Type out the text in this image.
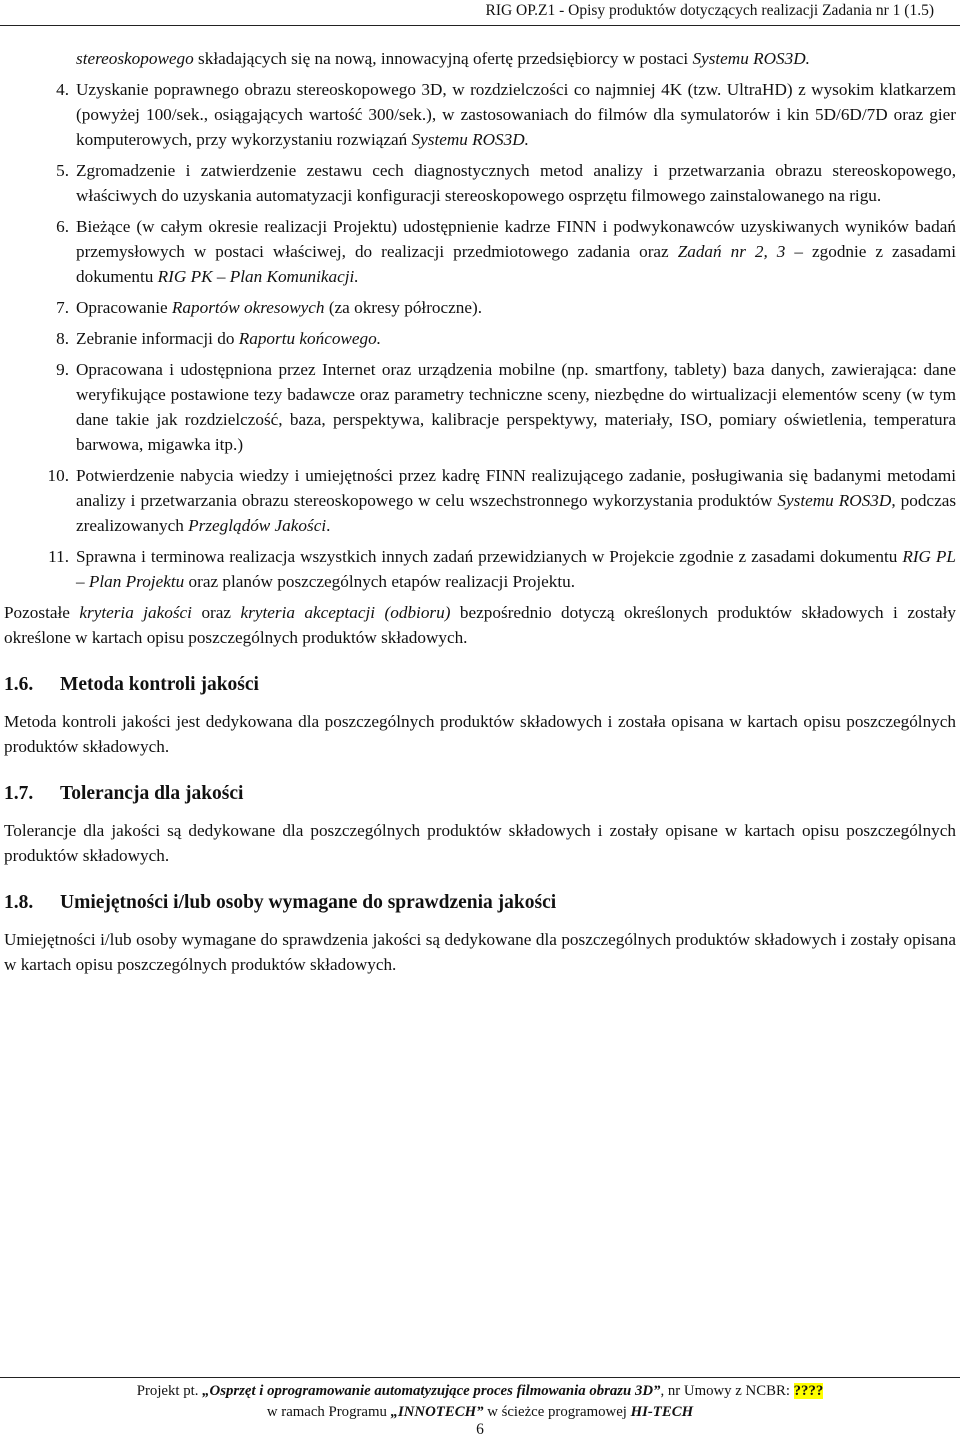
RIG OP.Z1 - Opisy produktów dotyczących realizacji Zadania nr 1 (1.5)

stereoskopowego składających się na nową, innowacyjną ofertę przedsiębiorcy w postaci Systemu ROS3D.

4. Uzyskanie poprawnego obrazu stereoskopowego 3D, w rozdzielczości co najmniej 4K (tzw. UltraHD) z wysokim klatkarzem (powyżej 100/sek., osiągających wartość 300/sek.), w zastosowaniach do filmów dla symulatorów i kin 5D/6D/7D oraz gier komputerowych, przy wykorzystaniu rozwiązań Systemu ROS3D.
5. Zgromadzenie i zatwierdzenie zestawu cech diagnostycznych metod analizy i przetwarzania obrazu stereoskopowego, właściwych do uzyskania automatyzacji konfiguracji stereoskopowego osprzętu filmowego zainstalowanego na rigu.
6. Bieżące (w całym okresie realizacji Projektu) udostępnienie kadrze FINN i podwykonawców uzyskiwanych wyników badań przemysłowych w postaci właściwej, do realizacji przedmiotowego zadania oraz Zadań nr 2, 3 – zgodnie z zasadami dokumentu RIG PK – Plan Komunikacji.
7. Opracowanie Raportów okresowych (za okresy półroczne).
8. Zebranie informacji do Raportu końcowego.
9. Opracowana i udostępniona przez Internet oraz urządzenia mobilne (np. smartfony, tablety) baza danych, zawierająca: dane weryfikujące postawione tezy badawcze oraz parametry techniczne sceny, niezbędne do wirtualizacji elementów sceny (w tym dane takie jak rozdzielczość, baza, perspektywa, kalibracje perspektywy, materiały, ISO, pomiary oświetlenia, temperatura barwowa, migawka itp.)
10. Potwierdzenie nabycia wiedzy i umiejętności przez kadrę FINN realizującego zadanie, posługiwania się badanymi metodami analizy i przetwarzania obrazu stereoskopowego w celu wszechstronnego wykorzystania produktów Systemu ROS3D, podczas zrealizowanych Przeglądów Jakości.
11. Sprawna i terminowa realizacja wszystkich innych zadań przewidzianych w Projekcie zgodnie z zasadami dokumentu RIG PL – Plan Projektu oraz planów poszczególnych etapów realizacji Projektu.

Pozostałe kryteria jakości oraz kryteria akceptacji (odbioru) bezpośrednio dotyczą określonych produktów składowych i zostały określone w kartach opisu poszczególnych produktów składowych.

1.6.	Metoda kontroli jakości

Metoda kontroli jakości jest dedykowana dla poszczególnych produktów składowych i została opisana w kartach opisu poszczególnych produktów składowych.

1.7.	Tolerancja dla jakości

Tolerancje dla jakości są dedykowane dla poszczególnych produktów składowych i zostały opisane w kartach opisu poszczególnych produktów składowych.

1.8.	Umiejętności i/lub osoby wymagane do sprawdzenia jakości

Umiejętności i/lub osoby wymagane do sprawdzenia jakości są dedykowane dla poszczególnych produktów składowych i zostały opisana w kartach opisu poszczególnych produktów składowych.

Projekt pt. „Osprzęt i oprogramowanie automatyzujące proces filmowania obrazu 3D”, nr Umowy z NCBR: ????
w ramach Programu „INNOTECH” w ścieżce programowej HI-TECH
6
